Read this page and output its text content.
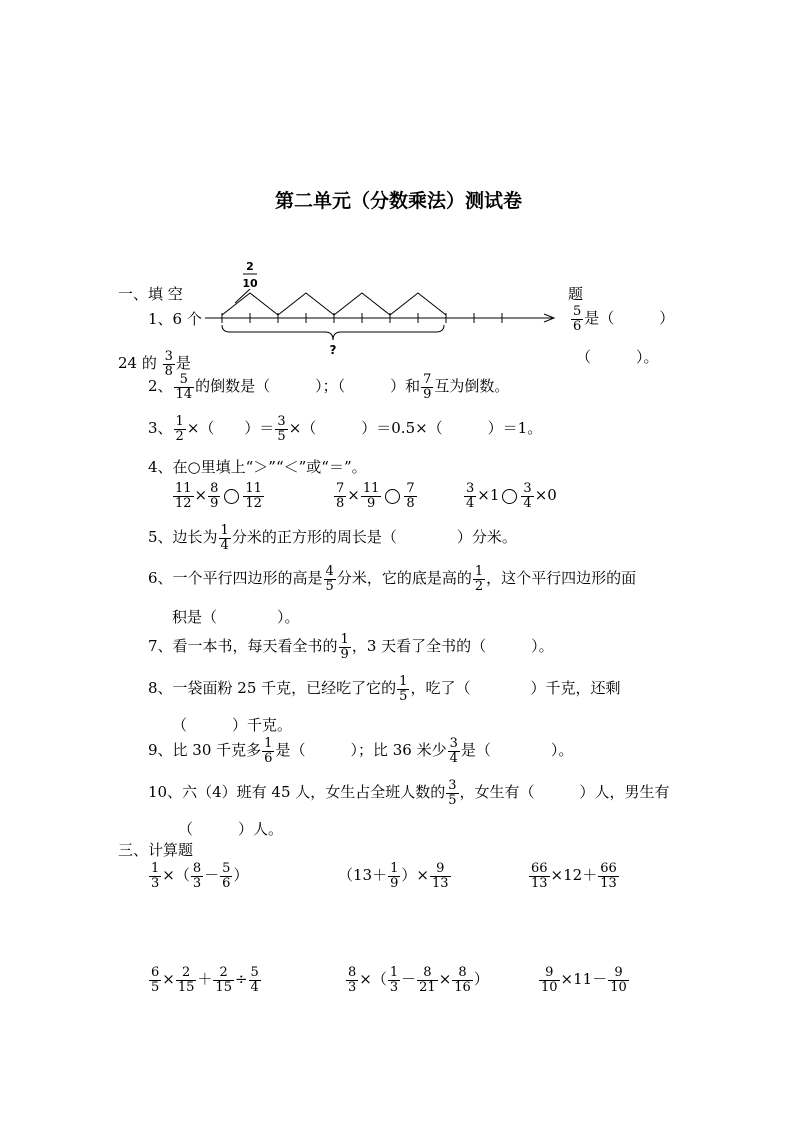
第二单元（分数乘法）测试卷
一、填 空	题
2
10
?
1、6 个
24 的 $\frac{3}{8}$ 是
$\frac{5}{6}$ 是（　　　）
（　　　）。
2、 $\frac{5}{14}$ 的倒数是（　　　）；（　　　）和 $\frac{7}{9}$ 互为倒数。
3、 $\frac{1}{2}$ ×（　　）＝ $\frac{3}{5}$ ×（　　　）＝0.5×（　　　）＝1。
4、在○里填上“＞”“＜”或“＝”。
$\frac{11}{12} \times \frac{8}{9} \frac{11}{12}$	$\frac{7}{8} \times \frac{11}{9} \frac{7}{8}$	$\frac{3}{4} \times 1 \frac{3}{4} \times 0$
5、边长为 $\frac{1}{4}$ 分米的正方形的周长是（　　　　）分米。
6、一个平行四边形的高是 $\frac{4}{5}$ 分米，它的底是高的 $\frac{1}{2}$ ，这个平行四边形的面
积是（　　　　）。
7、看一本书，每天看全书的 $\frac{1}{9}$ ，3 天看了全书的（　　　）。
8、一袋面粉 25 千克，已经吃了它的 $\frac{1}{5}$ ，吃了（　　　　）千克，还剩
（　　　）千克。
9、比 30 千克多 $\frac{1}{6}$ 是（　　　）；比 36 米少 $\frac{3}{4}$ 是（　　　　）。
10、六（4）班有 45 人，女生占全班人数的 $\frac{3}{5}$ ，女生有（　　　）人，男生有
（　　　）人。
三、计算题
$\frac{1}{3}$ ×（ $\frac{8}{3} - \frac{5}{6}$ ）	（$13+ \frac{1}{9}$ ）× $\frac{9}{13}$	$\frac{66}{13} \times 12+ \frac{66}{13}$
$\frac{6}{5} \times \frac{2}{15} + \frac{2}{15} \div \frac{5}{4}$	$\frac{8}{3}$ ×（ $\frac{1}{3} - \frac{8}{21} \times \frac{8}{16}$ ）	$\frac{9}{10} \times 11- \frac{9}{10}$
